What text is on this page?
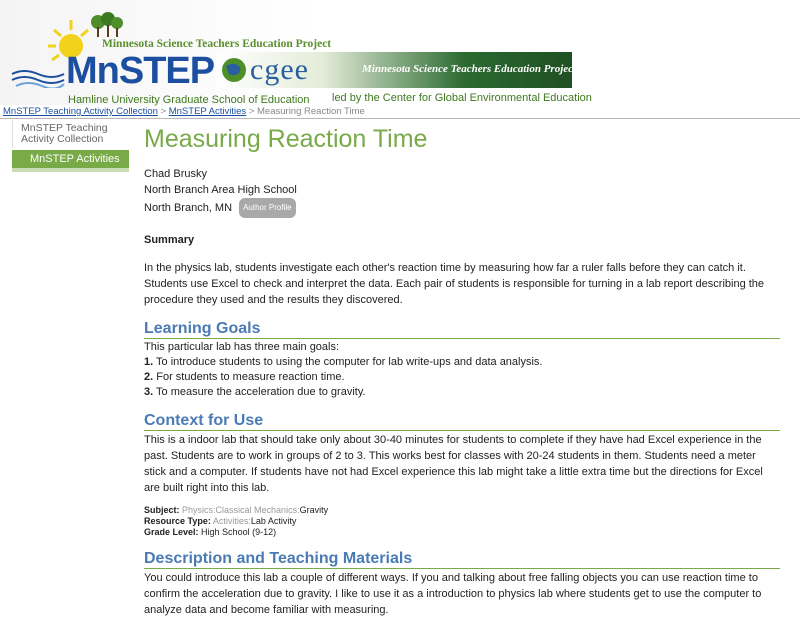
Minnesota Science Teachers Education Project
MnSTEP
Hamline University Graduate School of Education
cgee	Minnesota Science Teachers Education Project
led by the Center for Global Environmental Education
MnSTEP Teaching Activity Collection > MnSTEP Activities > Measuring Reaction Time
MnSTEP Teaching Activity Collection
MnSTEP Activities
Measuring Reaction Time
Chad Brusky
North Branch Area High School
North Branch, MN Author Profile
Summary

In the physics lab, students investigate each other's reaction time by measuring how far a ruler falls before they can catch it. Students use Excel to check and interpret the data. Each pair of students is responsible for turning in a lab report describing the procedure they used and the results they discovered.

Learning Goals
This particular lab has three main goals:
1. To introduce students to using the computer for lab write-ups and data analysis.
2. For students to measure reaction time.
3. To measure the acceleration due to gravity.
Context for Use

This is a indoor lab that should take only about 30-40 minutes for students to complete if they have had Excel experience in the past. Students are to work in groups of 2 to 3. This works best for classes with 20-24 students in them. Students need a meter stick and a computer. If students have not had Excel experience this lab might take a little extra time but the directions for Excel are built right into this lab.

Subject: Physics:Classical Mechanics:Gravity
Resource Type: Activities:Lab Activity
Grade Level: High School (9-12)
Description and Teaching Materials

You could introduce this lab a couple of different ways. If you and talking about free falling objects you can use reaction time to confirm the acceleration due to gravity. I like to use it as a introduction to physics lab where students get to use the computer to analyze data and become familiar with measuring.
